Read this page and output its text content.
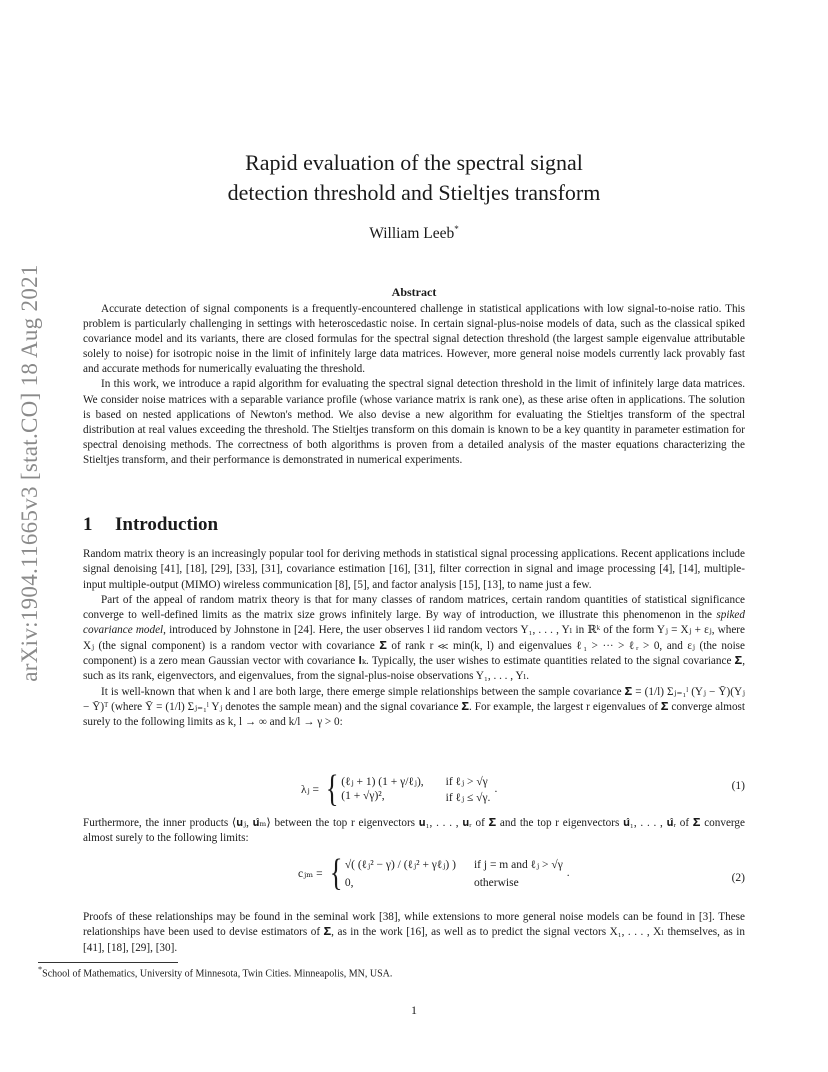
arXiv:1904.11665v3 [stat.CO] 18 Aug 2021
Rapid evaluation of the spectral signal
detection threshold and Stieltjes transform
William Leeb*
Abstract

Accurate detection of signal components is a frequently-encountered challenge in statistical applications with low signal-to-noise ratio. This problem is particularly challenging in settings with heteroscedastic noise. In certain signal-plus-noise models of data, such as the classical spiked covariance model and its variants, there are closed formulas for the spectral signal detection threshold (the largest sample eigenvalue attributable solely to noise) for isotropic noise in the limit of infinitely large data matrices. However, more general noise models currently lack provably fast and accurate methods for numerically evaluating the threshold.

In this work, we introduce a rapid algorithm for evaluating the spectral signal detection threshold in the limit of infinitely large data matrices. We consider noise matrices with a separable variance profile (whose variance matrix is rank one), as these arise often in applications. The solution is based on nested applications of Newton's method. We also devise a new algorithm for evaluating the Stieltjes transform of the spectral distribution at real values exceeding the threshold. The Stieltjes transform on this domain is known to be a key quantity in parameter estimation for spectral denoising methods. The correctness of both algorithms is proven from a detailed analysis of the master equations characterizing the Stieltjes transform, and their performance is demonstrated in numerical experiments.

1 Introduction

Random matrix theory is an increasingly popular tool for deriving methods in statistical signal processing applications. Recent applications include signal denoising [41], [18], [29], [33], [31], covariance estimation [16], [31], filter correction in signal and image processing [4], [14], multiple-input multiple-output (MIMO) wireless communication [8], [5], and factor analysis [15], [13], to name just a few.

Part of the appeal of random matrix theory is that for many classes of random matrices, certain random quantities of statistical significance converge to well-defined limits as the matrix size grows infinitely large. By way of introduction, we illustrate this phenomenon in the spiked covariance model, introduced by Johnstone in [24]. Here, the user observes l iid random vectors Y₁, . . . , Yₗ in ℝᵏ of the form Yⱼ = Xⱼ + εⱼ, where Xⱼ (the signal component) is a random vector with covariance 𝚺 of rank r ≪ min(k, l) and eigenvalues ℓ₁ > ··· > ℓᵣ > 0, and εⱼ (the noise component) is a zero mean Gaussian vector with covariance 𝐈ₖ. Typically, the user wishes to estimate quantities related to the signal covariance 𝚺, such as its rank, eigenvectors, and eigenvalues, from the signal-plus-noise observations Y₁, . . . , Yₗ.

It is well-known that when k and l are both large, there emerge simple relationships between the sample covariance 𝚺̂ = (1/l) Σⱼ₌₁ˡ (Yⱼ − Ȳ)(Yⱼ − Ȳ)ᵀ (where Ȳ = (1/l) Σⱼ₌₁ˡ Yⱼ denotes the sample mean) and the signal covariance 𝚺. For example, the largest r eigenvalues of 𝚺̂ converge almost surely to the following limits as k, l → ∞ and k/l → γ > 0:

λⱼ = { (ℓⱼ + 1) (1 + γ/ℓⱼ), if ℓⱼ > √γ
(1 + √γ)²,	if ℓⱼ ≤ √γ.
.	(1)

Furthermore, the inner products ⟨𝐮ⱼ, 𝐮̂ₘ⟩ between the top r eigenvectors 𝐮₁, . . . , 𝐮ᵣ of 𝚺 and the top r eigenvectors 𝐮̂₁, . . . , 𝐮̂ᵣ of 𝚺̂ converge almost surely to the following limits:

cⱼₘ = { √( (ℓⱼ² − γ) / (ℓⱼ² + γℓⱼ) ) if j = m and ℓⱼ > √γ
0,	otherwise
.	(2)

Proofs of these relationships may be found in the seminal work [38], while extensions to more general noise models can be found in [3]. These relationships have been used to devise estimators of 𝚺, as in the work [16], as well as to predict the signal vectors X₁, . . . , Xₗ themselves, as in [41], [18], [29], [30].

*School of Mathematics, University of Minnesota, Twin Cities. Minneapolis, MN, USA.
1
